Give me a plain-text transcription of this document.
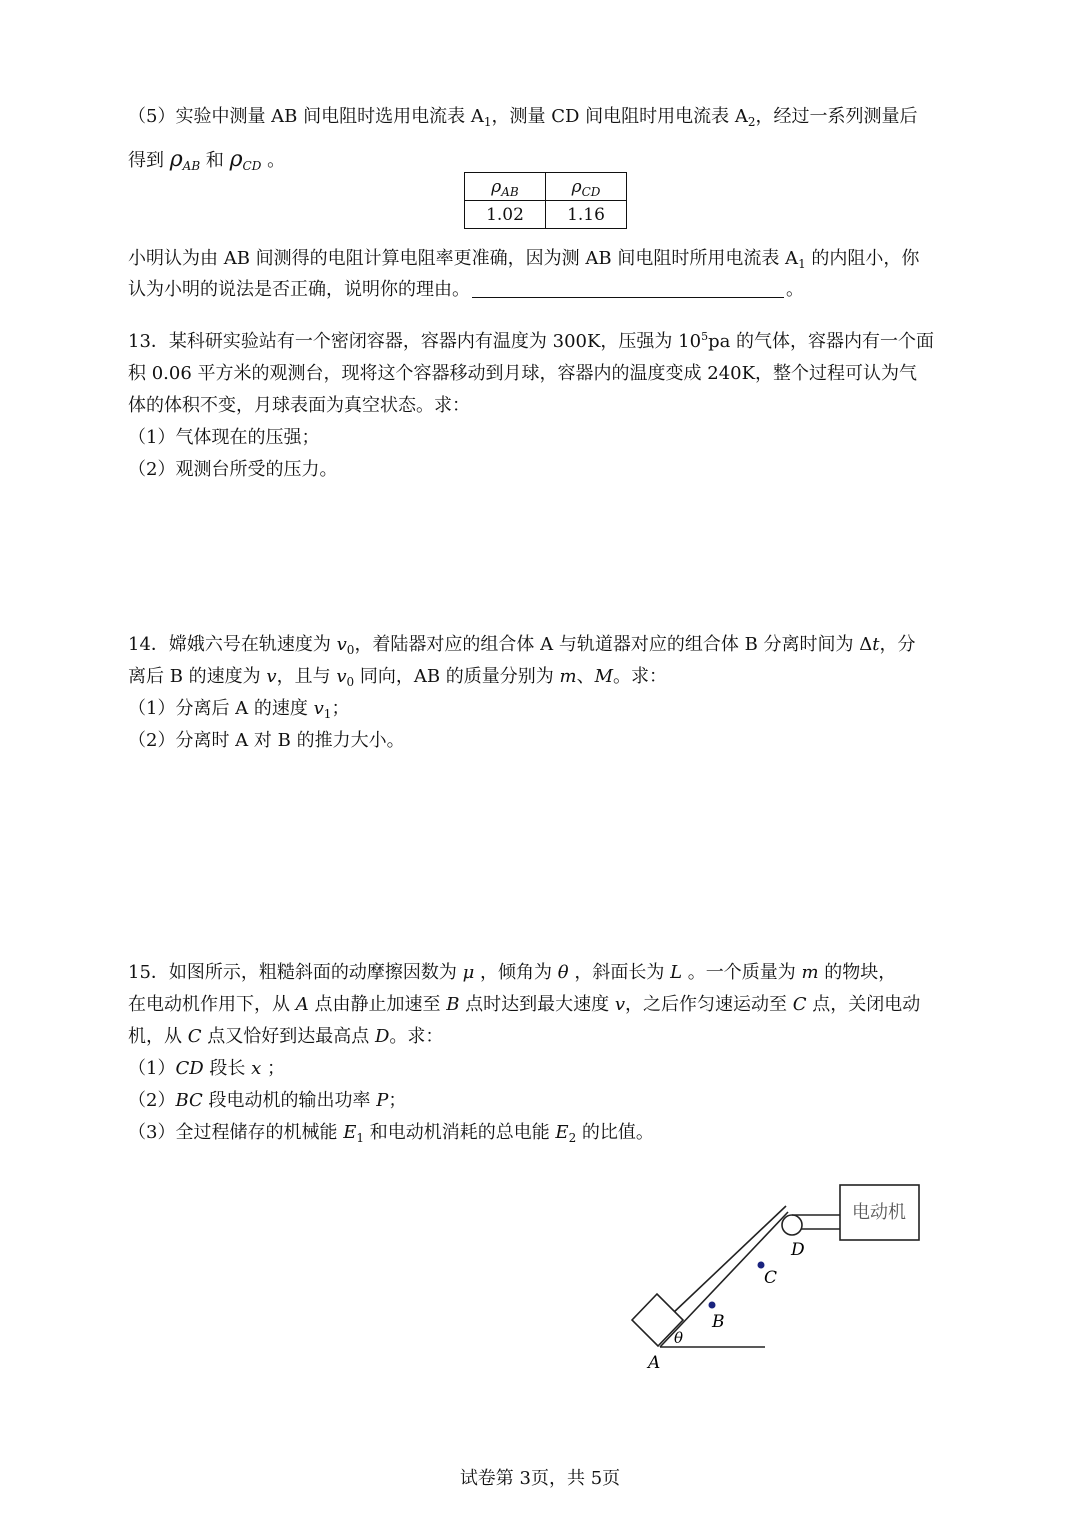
（5）实验中测量 AB 间电阻时选用电流表 $A_1$，测量 CD 间电阻时用电流表 $A_2$，经过一系列测量后
得到 $\rho_{AB}$ 和 $\rho_{CD}$ 。
$\rho_{AB}$	$\rho_{CD}$
1.02	1.16
小明认为由 AB 间测得的电阻计算电阻率更准确，因为测 AB 间电阻时所用电流表 $A_1$ 的内阻小，你
认为小明的说法是否正确，说明你的理由。	。
13．某科研实验站有一个密闭容器，容器内有温度为 300K，压强为 $10^5pa$ 的气体，容器内有一个面
积 0.06 平方米的观测台，现将这个容器移动到月球，容器内的温度变成 240K，整个过程可认为气
体的体积不变，月球表面为真空状态。求：
（1）气体现在的压强；
（2）观测台所受的压力。
14．嫦娥六号在轨速度为 $v_0$，着陆器对应的组合体 A 与轨道器对应的组合体 B 分离时间为 Δt，分
离后 B 的速度为 v，且与 $v_0$ 同向，AB 的质量分别为 m、M。求：
（1）分离后 A 的速度 $v_1$；
（2）分离时 A 对 B 的推力大小。
15．如图所示，粗糙斜面的动摩擦因数为 μ ，倾角为 θ ，斜面长为 L 。一个质量为 m 的物块，
在电动机作用下，从 A 点由静止加速至 B 点时达到最大速度 v，之后作匀速运动至 C 点，关闭电动
机，从 C 点又恰好到达最高点 D。求：
（1）CD 段长 x ；
（2）BC 段电动机的输出功率 P；
（3）全过程储存的机械能 $E_1$ 和电动机消耗的总电能 $E_2$ 的比值。
电动机
A
B
C
D
θ
试卷第 3页，共 5页
